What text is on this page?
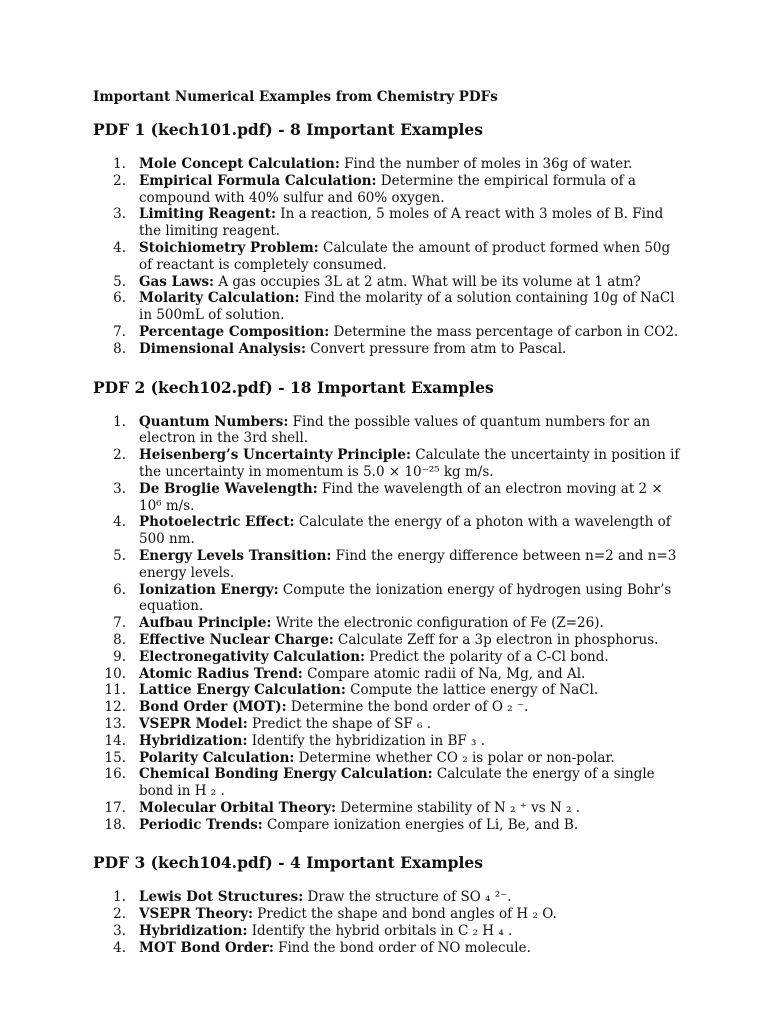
Important Numerical Examples from Chemistry PDFs
PDF 1 (kech101.pdf) - 8 Important Examples
1. Mole Concept Calculation: Find the number of moles in 36g of water.
2. Empirical Formula Calculation: Determine the empirical formula of a compound with 40% sulfur and 60% oxygen.
3. Limiting Reagent: In a reaction, 5 moles of A react with 3 moles of B. Find the limiting reagent.
4. Stoichiometry Problem: Calculate the amount of product formed when 50g of reactant is completely consumed.
5. Gas Laws: A gas occupies 3L at 2 atm. What will be its volume at 1 atm?
6. Molarity Calculation: Find the molarity of a solution containing 10g of NaCl in 500mL of solution.
7. Percentage Composition: Determine the mass percentage of carbon in CO2.
8. Dimensional Analysis: Convert pressure from atm to Pascal.
PDF 2 (kech102.pdf) - 18 Important Examples
1. Quantum Numbers: Find the possible values of quantum numbers for an electron in the 3rd shell.
2. Heisenberg’s Uncertainty Principle: Calculate the uncertainty in position if the uncertainty in momentum is 5.0 × 10⁻²⁵ kg m/s.
3. De Broglie Wavelength: Find the wavelength of an electron moving at 2 × 10⁶ m/s.
4. Photoelectric Effect: Calculate the energy of a photon with a wavelength of 500 nm.
5. Energy Levels Transition: Find the energy difference between n=2 and n=3 energy levels.
6. Ionization Energy: Compute the ionization energy of hydrogen using Bohr’s equation.
7. Aufbau Principle: Write the electronic configuration of Fe (Z=26).
8. Effective Nuclear Charge: Calculate Zeff for a 3p electron in phosphorus.
9. Electronegativity Calculation: Predict the polarity of a C-Cl bond.
10. Atomic Radius Trend: Compare atomic radii of Na, Mg, and Al.
11. Lattice Energy Calculation: Compute the lattice energy of NaCl.
12. Bond Order (MOT): Determine the bond order of O ₂ ⁻.
13. VSEPR Model: Predict the shape of SF ₆ .
14. Hybridization: Identify the hybridization in BF ₃ .
15. Polarity Calculation: Determine whether CO ₂ is polar or non-polar.
16. Chemical Bonding Energy Calculation: Calculate the energy of a single bond in H ₂ .
17. Molecular Orbital Theory: Determine stability of N ₂ ⁺ vs N ₂ .
18. Periodic Trends: Compare ionization energies of Li, Be, and B.
PDF 3 (kech104.pdf) - 4 Important Examples
1. Lewis Dot Structures: Draw the structure of SO ₄ ²⁻.
2. VSEPR Theory: Predict the shape and bond angles of H ₂ O.
3. Hybridization: Identify the hybrid orbitals in C ₂ H ₄ .
4. MOT Bond Order: Find the bond order of NO molecule.
